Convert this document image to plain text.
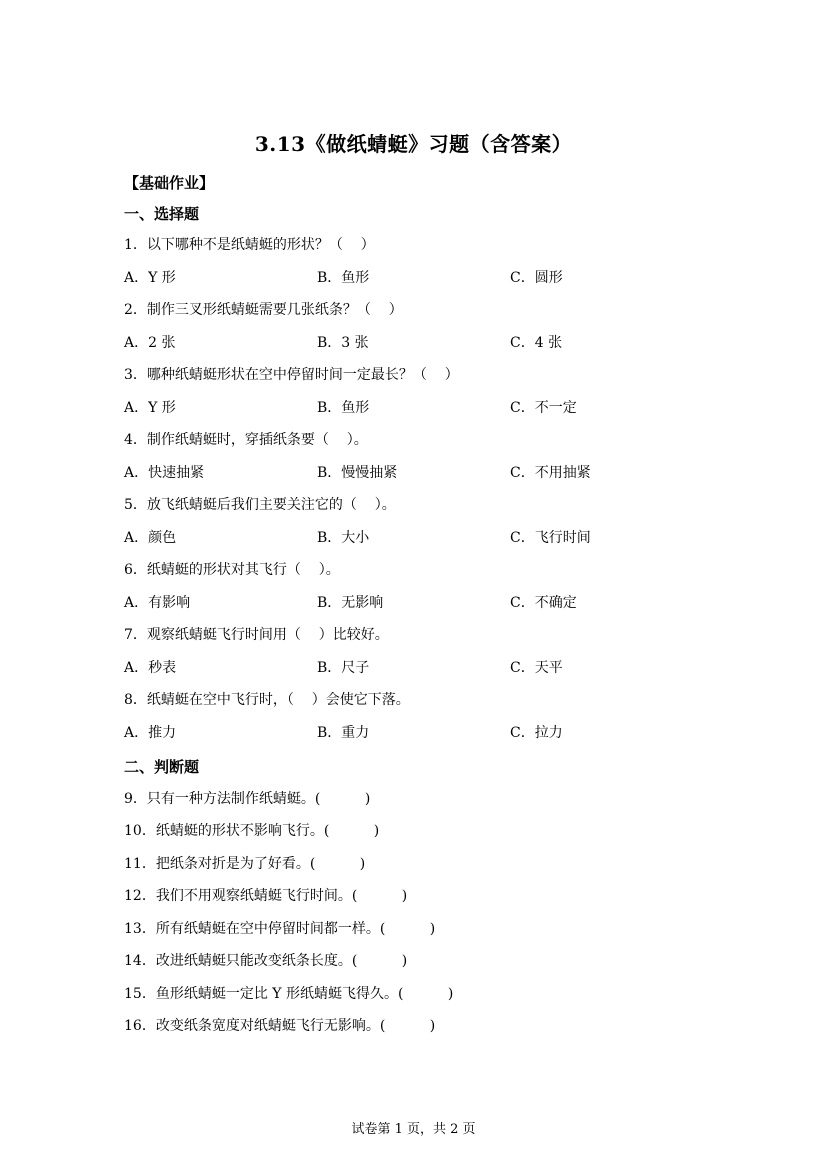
3.13《做纸蜻蜓》习题（含答案）
【基础作业】
一、选择题
1．以下哪种不是纸蜻蜓的形状？（    ）
A．Y 形	B．鱼形	C．圆形
2．制作三叉形纸蜻蜓需要几张纸条？（    ）
A．2 张	B．3 张	C．4 张
3．哪种纸蜻蜓形状在空中停留时间一定最长？（    ）
A．Y 形	B．鱼形	C．不一定
4．制作纸蜻蜓时，穿插纸条要（    ）。
A．快速抽紧	B．慢慢抽紧	C．不用抽紧
5．放飞纸蜻蜓后我们主要关注它的（    ）。
A．颜色	B．大小	C．飞行时间
6．纸蜻蜓的形状对其飞行（    ）。
A．有影响	B．无影响	C．不确定
7．观察纸蜻蜓飞行时间用（    ）比较好。
A．秒表	B．尺子	C．天平
8．纸蜻蜓在空中飞行时，（    ）会使它下落。
A．推力	B．重力	C．拉力
二、判断题
9．只有一种方法制作纸蜻蜓。(          )
10．纸蜻蜓的形状不影响飞行。(          )
11．把纸条对折是为了好看。(          )
12．我们不用观察纸蜻蜓飞行时间。(          )
13．所有纸蜻蜓在空中停留时间都一样。(          )
14．改进纸蜻蜓只能改变纸条长度。(          )
15．鱼形纸蜻蜓一定比 Y 形纸蜻蜓飞得久。(          )
16．改变纸条宽度对纸蜻蜓飞行无影响。(          )
试卷第 1 页，共 2 页
